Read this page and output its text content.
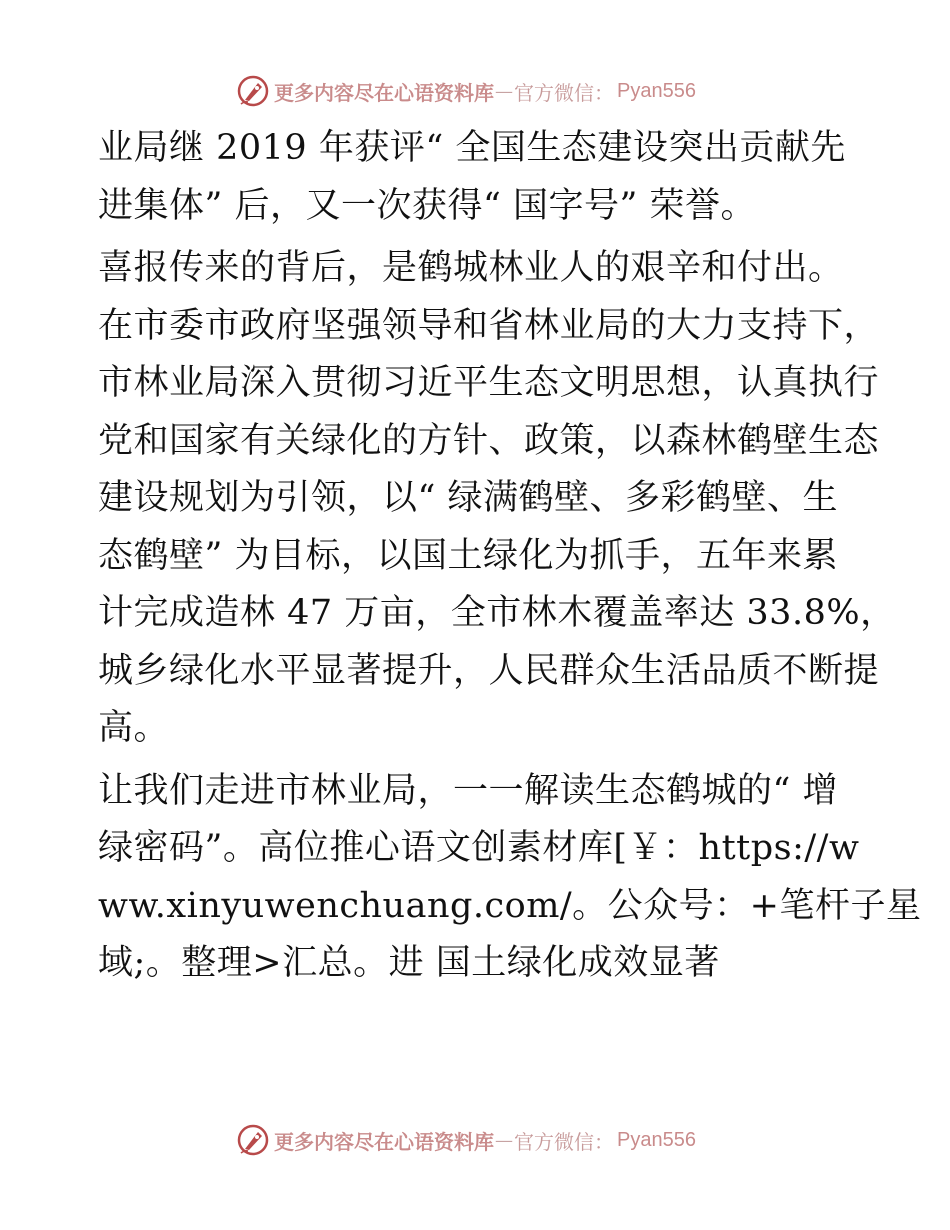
更多内容尽在心语资料库 — 官方微信： Pyan556

业局继 2019 年获评“ 全国生态建设突出贡献先
进集体” 后，又一次获得“ 国字号” 荣誉。

喜报传来的背后，是鹤城林业人的艰辛和付出。
在市委市政府坚强领导和省林业局的大力支持下，
市林业局深入贯彻习近平生态文明思想，认真执行
党和国家有关绿化的方针、政策，以森林鹤壁生态
建设规划为引领，以“ 绿满鹤壁、多彩鹤壁、生
态鹤壁” 为目标，以国土绿化为抓手，五年来累
计完成造林 47 万亩，全市林木覆盖率达 33.8%，
城乡绿化水平显著提升，人民群众生活品质不断提
高。

让我们走进市林业局，一一解读生态鹤城的“ 增
绿密码”。高位推心语文创素材库[￥：https://w
ww.xinyuwenchuang.com/。公众号：+笔杆子星
域;。整理>汇总。进 国土绿化成效显著

更多内容尽在心语资料库 — 官方微信： Pyan556
